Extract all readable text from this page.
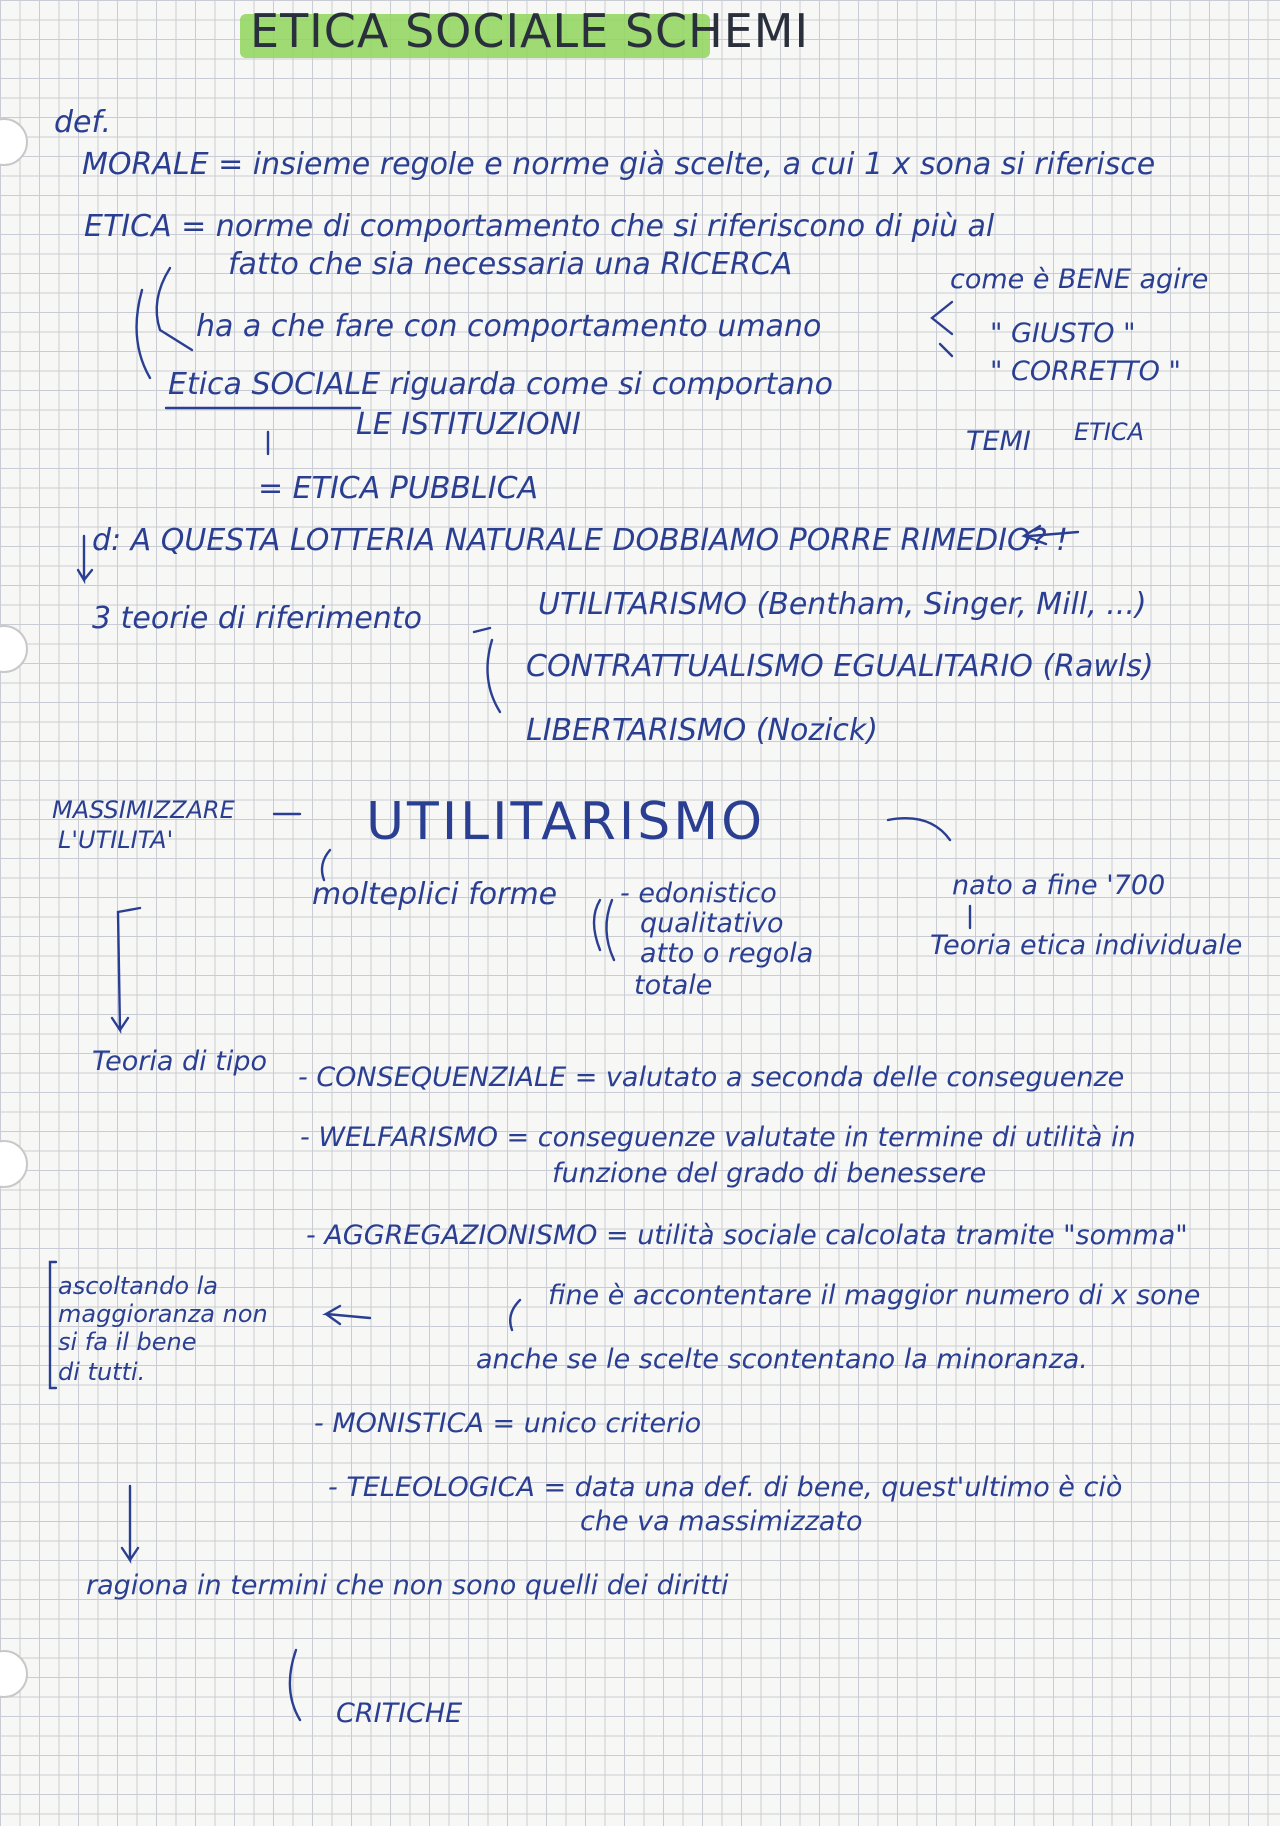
ETICA SOCIALE SCHEMI
def.
MORALE = insieme regole e norme già scelte, a cui 1 x sona si riferisce
ETICA = norme di comportamento che si riferiscono di più al
fatto che sia necessaria una RICERCA	come è BENE agire
ha a che fare con comportamento umano	" GIUSTO "
" CORRETTO "
TEMI ETICA
Etica SOCIALE riguarda come si comportano
LE ISTITUZIONI
= ETICA PUBBLICA
d: A QUESTA LOTTERIA NATURALE DOBBIAMO PORRE RIMEDIO? !
3 teorie di riferimento	UTILITARISMO (Bentham, Singer, Mill, ...)
CONTRATTUALISMO EGUALITARIO (Rawls)
LIBERTARISMO (Nozick)
MASSIMIZZARE
L'UTILITA'	UTILITARISMO
molteplici forme - edonistico
qualitativo
atto o regola
totale
nato a fine '700
Teoria etica individuale
Teoria di tipo
- CONSEQUENZIALE = valutato a seconda delle conseguenze
- WELFARISMO = conseguenze valutate in termine di utilità in
funzione del grado di benessere
- AGGREGAZIONISMO = utilità sociale calcolata tramite "somma"
fine è accontentare il maggior numero di x sone
anche se le scelte scontentano la minoranza.
ascoltando la
maggioranza non
si fa il bene
di tutti.
- MONISTICA = unico criterio
- TELEOLOGICA = data una def. di bene, quest'ultimo è ciò
che va massimizzato
ragiona in termini che non sono quelli dei diritti
CRITICHE
